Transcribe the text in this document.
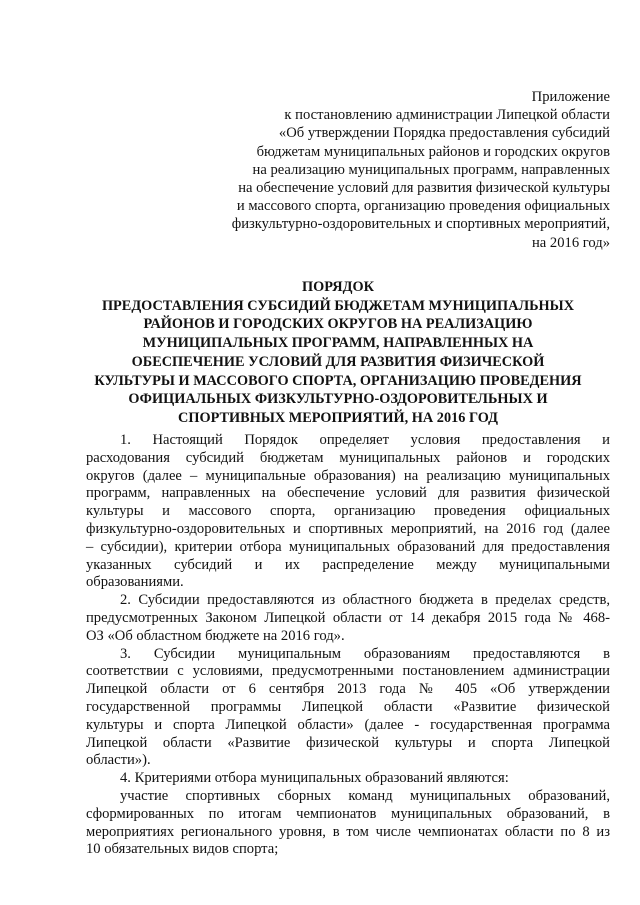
Приложение
к постановлению администрации Липецкой области
«Об утверждении Порядка предоставления субсидий
бюджетам муниципальных районов и городских округов
на реализацию муниципальных программ, направленных
на обеспечение условий для развития физической культуры
и массового спорта, организацию проведения официальных
физкультурно-оздоровительных и спортивных мероприятий,
на 2016 год»
ПОРЯДОК
ПРЕДОСТАВЛЕНИЯ СУБСИДИЙ БЮДЖЕТАМ МУНИЦИПАЛЬНЫХ
РАЙОНОВ И ГОРОДСКИХ ОКРУГОВ НА РЕАЛИЗАЦИЮ
МУНИЦИПАЛЬНЫХ ПРОГРАММ, НАПРАВЛЕННЫХ НА
ОБЕСПЕЧЕНИЕ УСЛОВИЙ ДЛЯ РАЗВИТИЯ ФИЗИЧЕСКОЙ
КУЛЬТУРЫ И МАССОВОГО СПОРТА, ОРГАНИЗАЦИЮ ПРОВЕДЕНИЯ
ОФИЦИАЛЬНЫХ ФИЗКУЛЬТУРНО-ОЗДОРОВИТЕЛЬНЫХ И
СПОРТИВНЫХ МЕРОПРИЯТИЙ, НА 2016 ГОД
1. Настоящий Порядок определяет условия предоставления и
расходования субсидий бюджетам муниципальных районов и городских
округов (далее – муниципальные образования) на реализацию муниципальных
программ, направленных на обеспечение условий для развития физической
культуры и массового спорта, организацию проведения официальных
физкультурно-оздоровительных и спортивных мероприятий, на 2016 год (далее
– субсидии), критерии отбора муниципальных образований для предоставления
указанных субсидий и их распределение между муниципальными
образованиями.
2. Субсидии предоставляются из областного бюджета в пределах средств,
предусмотренных Законом Липецкой области от 14 декабря 2015 года № 468-
ОЗ «Об областном бюджете на 2016 год».
3. Субсидии муниципальным образованиям предоставляются в
соответствии с условиями, предусмотренными постановлением администрации
Липецкой области от 6 сентября 2013 года № 405 «Об утверждении
государственной программы Липецкой области «Развитие физической
культуры и спорта Липецкой области» (далее - государственная программа
Липецкой области «Развитие физической культуры и спорта Липецкой
области»).
4. Критериями отбора муниципальных образований являются:
участие спортивных сборных команд муниципальных образований,
сформированных по итогам чемпионатов муниципальных образований, в
мероприятиях регионального уровня, в том числе чемпионатах области по 8 из
10 обязательных видов спорта;
